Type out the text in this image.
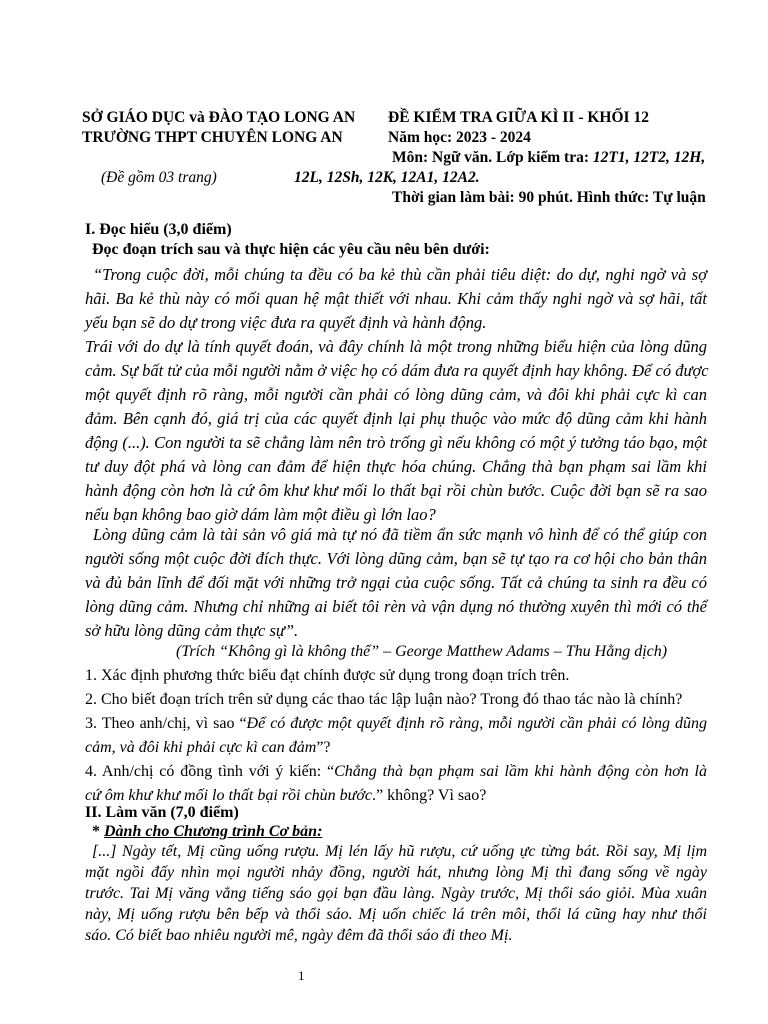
SỞ GIÁO DỤC và ĐÀO TẠO LONG AN ĐỀ KIỂM TRA GIỮA KÌ II - KHỐI 12
TRƯỜNG THPT CHUYÊN LONG AN	Năm học: 2023 - 2024
Môn: Ngữ văn. Lớp kiểm tra: 12T1, 12T2, 12H,
(Đề gồm 03 trang)	12L, 12Sh, 12K, 12A1, 12A2.
Thời gian làm bài: 90 phút. Hình thức: Tự luận
I. Đọc hiểu (3,0 điểm)
Đọc đoạn trích sau và thực hiện các yêu cầu nêu bên dưới:
“Trong cuộc đời, mỗi chúng ta đều có ba kẻ thù cần phải tiêu diệt: do dự, nghi ngờ và sợ
hãi. Ba kẻ thù này có mối quan hệ mật thiết với nhau. Khi cảm thấy nghi ngờ và sợ hãi, tất
yếu bạn sẽ do dự trong việc đưa ra quyết định và hành động.
Trái với do dự là tính quyết đoán, và đây chính là một trong những biểu hiện của lòng dũng
cảm. Sự bất tử của mỗi người nằm ở việc họ có dám đưa ra quyết định hay không. Để có được
một quyết định rõ ràng, mỗi người cần phải có lòng dũng cảm, và đôi khi phải cực kì can
đảm. Bên cạnh đó, giá trị của các quyết định lại phụ thuộc vào mức độ dũng cảm khi hành
động (...). Con người ta sẽ chẳng làm nên trò trống gì nếu không có một ý tưởng táo bạo, một
tư duy đột phá và lòng can đảm để hiện thực hóa chúng. Chẳng thà bạn phạm sai lầm khi
hành động còn hơn là cứ ôm khư khư mối lo thất bại rồi chùn bước. Cuộc đời bạn sẽ ra sao
nếu bạn không bao giờ dám làm một điều gì lớn lao?
Lòng dũng cảm là tài sản vô giá mà tự nó đã tiềm ẩn sức mạnh vô hình để có thể giúp con
người sống một cuộc đời đích thực. Với lòng dũng cảm, bạn sẽ tự tạo ra cơ hội cho bản thân
và đủ bản lĩnh để đối mặt với những trở ngại của cuộc sống. Tất cả chúng ta sinh ra đều có
lòng dũng cảm. Nhưng chỉ những ai biết tôi rèn và vận dụng nó thường xuyên thì mới có thể
sở hữu lòng dũng cảm thực sự”.
(Trích “Không gì là không thể” – George Matthew Adams – Thu Hằng dịch)
1. Xác định phương thức biểu đạt chính được sử dụng trong đoạn trích trên.
2. Cho biết đoạn trích trên sử dụng các thao tác lập luận nào? Trong đó thao tác nào là chính?
3. Theo anh/chị, vì sao “Để có được một quyết định rõ ràng, mỗi người cần phải có lòng dũng
cảm, và đôi khi phải cực kì can đảm”?
4. Anh/chị có đồng tình với ý kiến: “Chẳng thà bạn phạm sai lầm khi hành động còn hơn là
cứ ôm khư khư mối lo thất bại rồi chùn bước.” không? Vì sao?
II. Làm văn (7,0 điểm)
* Dành cho Chương trình Cơ bản:
[...] Ngày tết, Mị cũng uống rượu. Mị lén lấy hũ rượu, cứ uống ực từng bát. Rồi say, Mị lịm
mặt ngồi đấy nhìn mọi người nhảy đồng, người hát, nhưng lòng Mị thì đang sống về ngày
trước. Tai Mị văng vẳng tiếng sáo gọi bạn đầu làng. Ngày trước, Mị thổi sáo giỏi. Mùa xuân
này, Mị uống rượu bên bếp và thổi sáo. Mị uốn chiếc lá trên môi, thổi lá cũng hay như thổi
sáo. Có biết bao nhiêu người mê, ngày đêm đã thổi sáo đi theo Mị.
1
